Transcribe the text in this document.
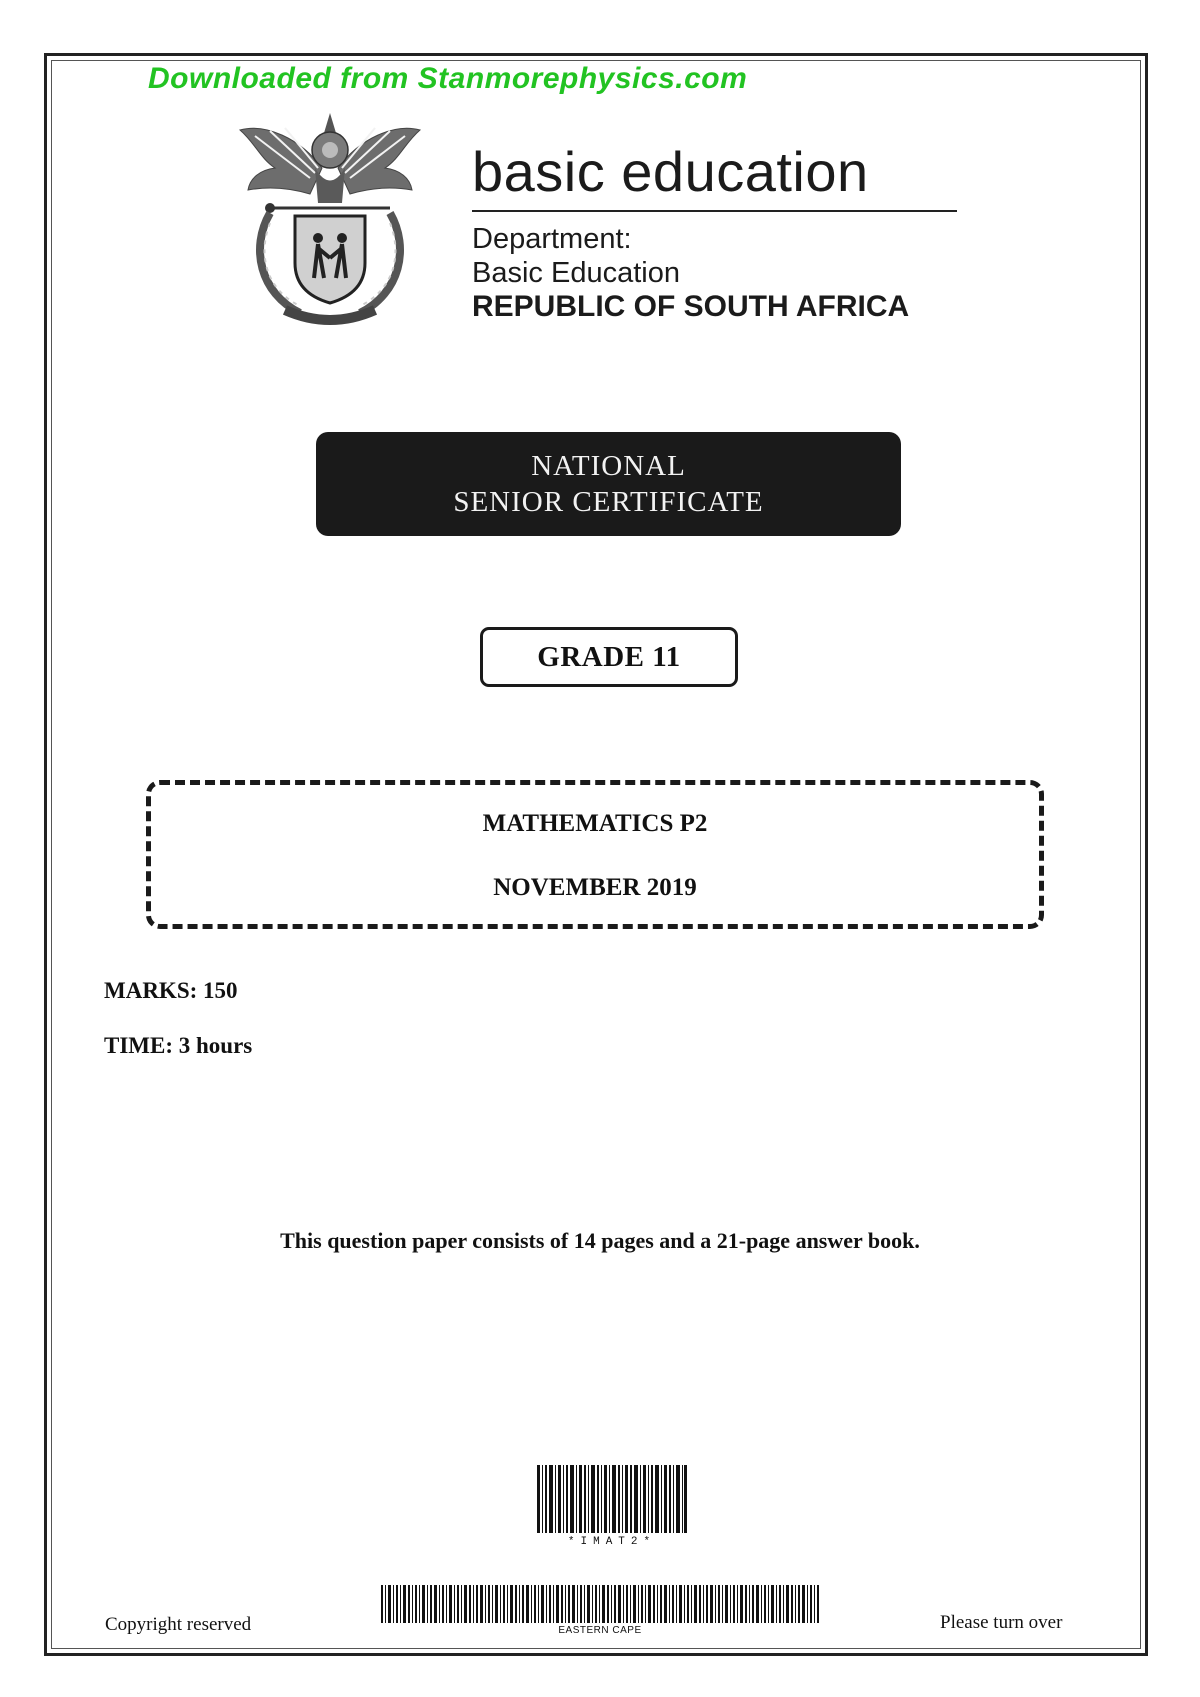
Downloaded from Stanmorephysics.com
basic education
Department:
Basic Education
REPUBLIC OF SOUTH AFRICA
NATIONAL
SENIOR CERTIFICATE
GRADE 11
MATHEMATICS P2
NOVEMBER 2019
MARKS: 150
TIME: 3 hours
This question paper consists of 14 pages and a 21-page answer book.
*IMAT2*
EASTERN CAPE
Copyright reserved	Please turn over
